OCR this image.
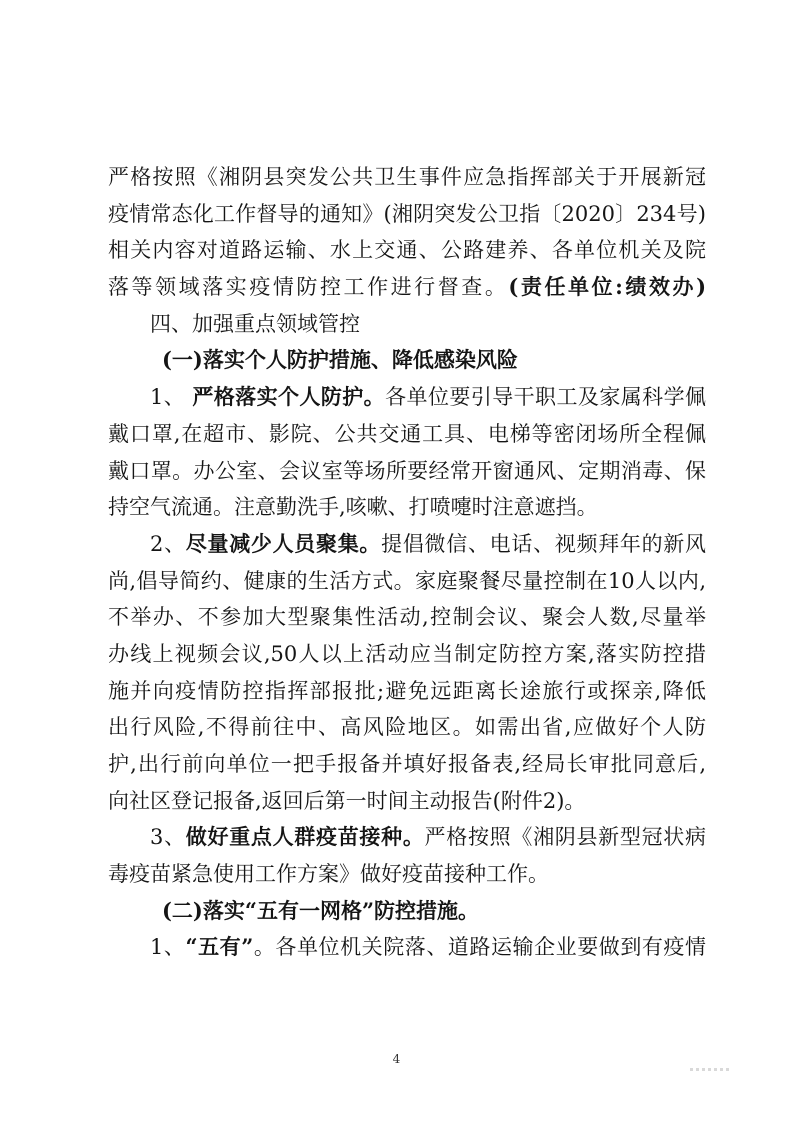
严格按照《湘阴县突发公共卫生事件应急指挥部关于开展新冠
疫情常态化工作督导的通知》(湘阴突发公卫指〔2020〕234号)
相关内容对道路运输、水上交通、公路建养、各单位机关及院
落等领域落实疫情防控工作进行督查。(责任单位:绩效办)
四、加强重点领域管控
(一)落实个人防护措施、降低感染风险
1、 严格落实个人防护。各单位要引导干职工及家属科学佩
戴口罩,在超市、影院、公共交通工具、电梯等密闭场所全程佩
戴口罩。办公室、会议室等场所要经常开窗通风、定期消毒、保
持空气流通。注意勤洗手,咳嗽、打喷嚏时注意遮挡。
2、尽量减少人员聚集。提倡微信、电话、视频拜年的新风
尚,倡导简约、健康的生活方式。家庭聚餐尽量控制在10人以内,
不举办、不参加大型聚集性活动,控制会议、聚会人数,尽量举
办线上视频会议,50人以上活动应当制定防控方案,落实防控措
施并向疫情防控指挥部报批;避免远距离长途旅行或探亲,降低
出行风险,不得前往中、高风险地区。如需出省,应做好个人防
护,出行前向单位一把手报备并填好报备表,经局长审批同意后,
向社区登记报备,返回后第一时间主动报告(附件2)。
3、做好重点人群疫苗接种。严格按照《湘阴县新型冠状病
毒疫苗紧急使用工作方案》做好疫苗接种工作。
(二)落实“五有一网格”防控措施。
1、“五有”。各单位机关院落、道路运输企业要做到有疫情
4
